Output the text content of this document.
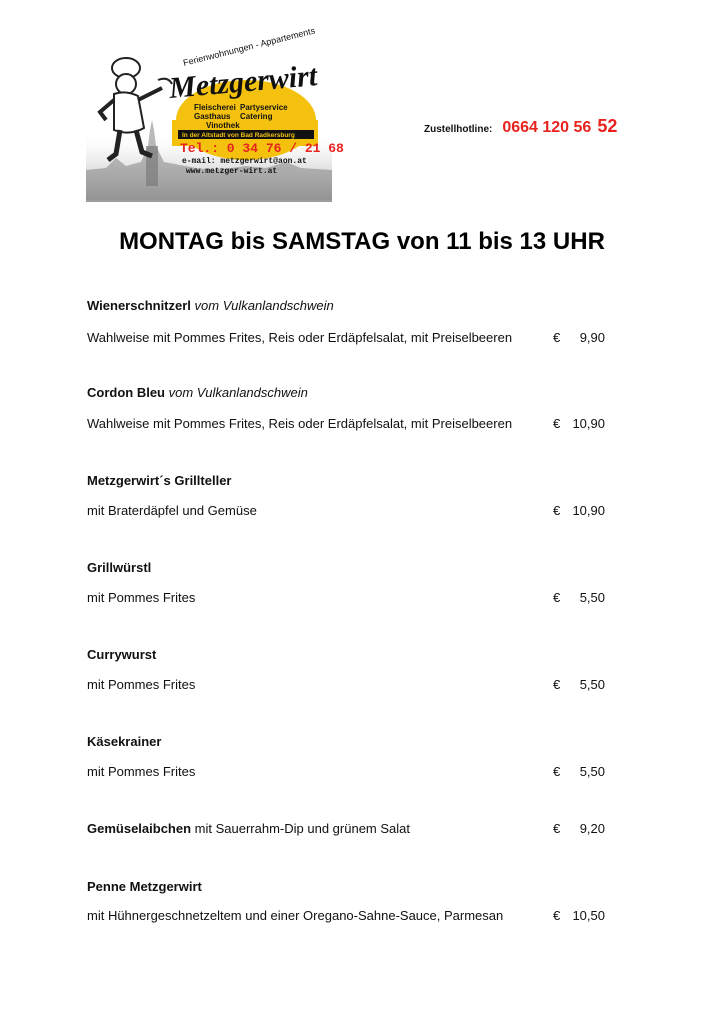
Ferienwohnungen - Appartements
Metzgerwirt
Fleischerei Partyservice
Gasthaus Catering
Vinothek
In der Altstadt von Bad Radkersburg
Tel.: 0 34 76 / 21 68
e-mail: metzgerwirt@aon.at
www.metzger-wirt.at
Zustellhotline: 0664 120 56 52
MONTAG bis SAMSTAG von 11 bis 13 UHR
Wienerschnitzerl vom Vulkanlandschwein
Wahlweise mit Pommes Frites, Reis oder Erdäpfelsalat, mit Preiselbeeren	€ 9,90
Cordon Bleu vom Vulkanlandschwein
Wahlweise mit Pommes Frites, Reis oder Erdäpfelsalat, mit Preiselbeeren	€ 10,90
Metzgerwirt´s Grillteller
mit Braterdäpfel und Gemüse	€ 10,90
Grillwürstl
mit Pommes Frites	€ 5,50
Currywurst
mit Pommes Frites	€ 5,50
Käsekrainer
mit Pommes Frites	€ 5,50
Gemüselaibchen mit Sauerrahm-Dip und grünem Salat	€ 9,20
Penne Metzgerwirt
mit Hühnergeschnetzeltem und einer Oregano-Sahne-Sauce, Parmesan	€ 10,50
